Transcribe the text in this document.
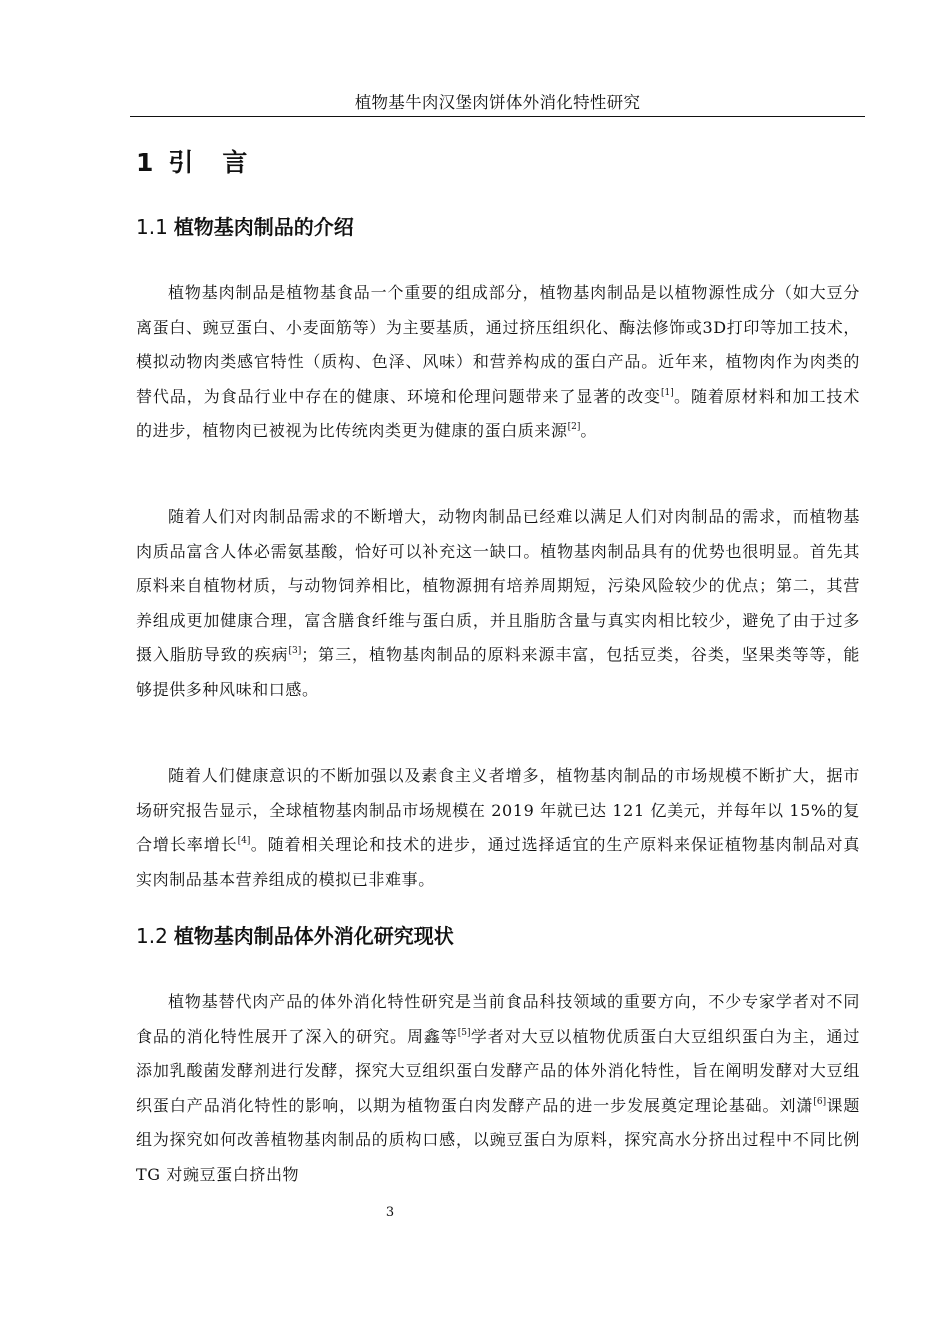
植物基牛肉汉堡肉饼体外消化特性研究
1 引 言
1.1 植物基肉制品的介绍

植物基肉制品是植物基食品一个重要的组成部分，植物基肉制品是以植物源性成分（如大豆分离蛋白、豌豆蛋白、小麦面筋等）为主要基质，通过挤压组织化、酶法修饰或3D打印等加工技术，模拟动物肉类感官特性（质构、色泽、风味）和营养构成的蛋白产品。近年来，植物肉作为肉类的替代品，为食品行业中存在的健康、环境和伦理问题带来了显著的改变[1]。随着原材料和加工技术的进步，植物肉已被视为比传统肉类更为健康的蛋白质来源[2]。

随着人们对肉制品需求的不断增大，动物肉制品已经难以满足人们对肉制品的需求，而植物基肉质品富含人体必需氨基酸，恰好可以补充这一缺口。植物基肉制品具有的优势也很明显。首先其原料来自植物材质，与动物饲养相比，植物源拥有培养周期短，污染风险较少的优点；第二，其营养组成更加健康合理，富含膳食纤维与蛋白质，并且脂肪含量与真实肉相比较少，避免了由于过多摄入脂肪导致的疾病[3]；第三，植物基肉制品的原料来源丰富，包括豆类，谷类，坚果类等等，能够提供多种风味和口感。

随着人们健康意识的不断加强以及素食主义者增多，植物基肉制品的市场规模不断扩大，据市场研究报告显示，全球植物基肉制品市场规模在 2019 年就已达 121 亿美元，并每年以 15%的复合增长率增长[4]。随着相关理论和技术的进步，通过选择适宜的生产原料来保证植物基肉制品对真实肉制品基本营养组成的模拟已非难事。

1.2 植物基肉制品体外消化研究现状

植物基替代肉产品的体外消化特性研究是当前食品科技领域的重要方向，不少专家学者对不同食品的消化特性展开了深入的研究。周鑫等[5]学者对大豆以植物优质蛋白大豆组织蛋白为主，通过添加乳酸菌发酵剂进行发酵，探究大豆组织蛋白发酵产品的体外消化特性，旨在阐明发酵对大豆组织蛋白产品消化特性的影响，以期为植物蛋白肉发酵产品的进一步发展奠定理论基础。刘潇[6]课题组为探究如何改善植物基肉制品的质构口感，以豌豆蛋白为原料，探究高水分挤出过程中不同比例 TG 对豌豆蛋白挤出物

3
